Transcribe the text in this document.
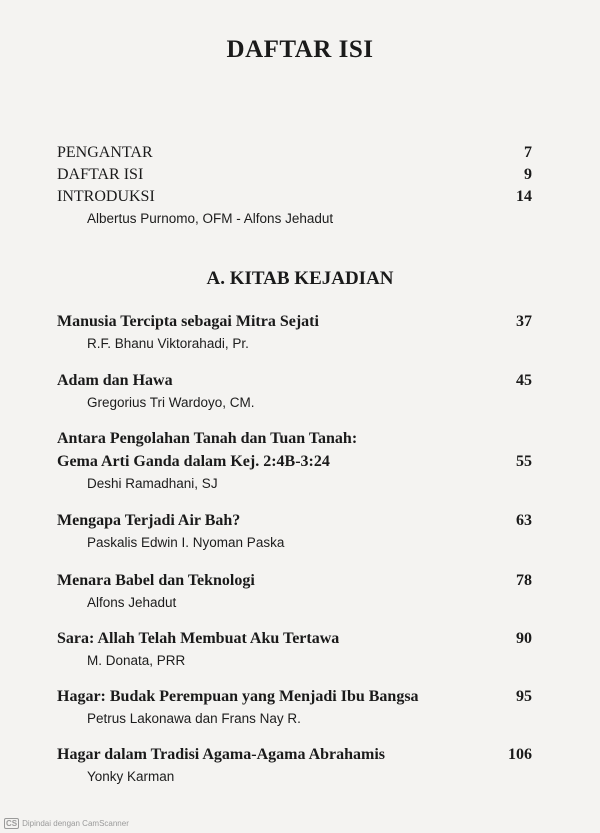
DAFTAR ISI
PENGANTAR	7
DAFTAR ISI	9
INTRODUKSI	14
Albertus Purnomo, OFM - Alfons Jehadut
A. KITAB KEJADIAN
Manusia Tercipta sebagai Mitra Sejati	37
R.F. Bhanu Viktorahadi, Pr.
Adam dan Hawa	45
Gregorius Tri Wardoyo, CM.
Antara Pengolahan Tanah dan Tuan Tanah:
Gema Arti Ganda dalam Kej. 2:4B-3:24	55
Deshi Ramadhani, SJ
Mengapa Terjadi Air Bah?	63
Paskalis Edwin I. Nyoman Paska
Menara Babel dan Teknologi	78
Alfons Jehadut
Sara: Allah Telah Membuat Aku Tertawa	90
M. Donata, PRR
Hagar: Budak Perempuan yang Menjadi Ibu Bangsa	95
Petrus Lakonawa dan Frans Nay R.
Hagar dalam Tradisi Agama-Agama Abrahamis	106
Yonky Karman
CS Dipindai dengan CamScanner
